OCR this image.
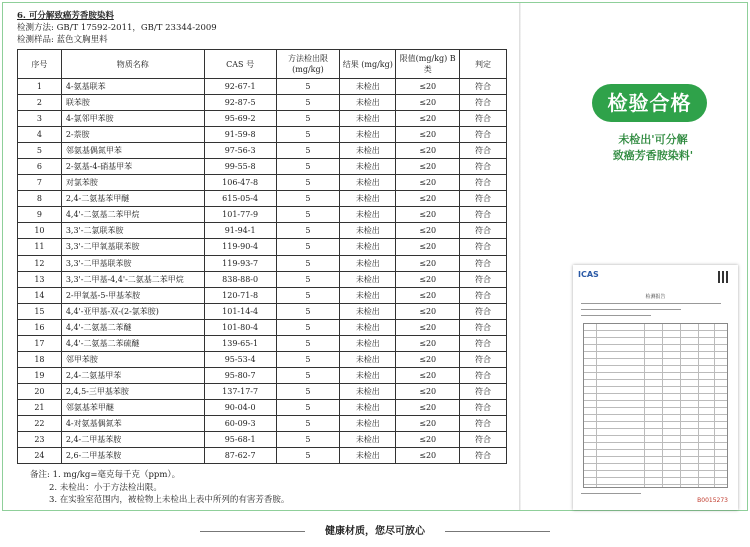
6. 可分解致癌芳香胺染料
检测方法: GB/T 17592-2011，GB/T 23344-2009
检测样品: 蓝色文胸里料
序号	物质名称	CAS 号	方法检出限 (mg/kg)	结果 (mg/kg)	限值(mg/kg) B 类	判定
1	4-氨基联苯	92-67-1	5	未检出	≤20	符合
2	联苯胺	92-87-5	5	未检出	≤20	符合
3	4-氯邻甲苯胺	95-69-2	5	未检出	≤20	符合
4	2-萘胺	91-59-8	5	未检出	≤20	符合
5	邻氨基偶氮甲苯	97-56-3	5	未检出	≤20	符合
6	2-氨基-4-硝基甲苯	99-55-8	5	未检出	≤20	符合
7	对氯苯胺	106-47-8	5	未检出	≤20	符合
8	2,4-二氨基苯甲醚	615-05-4	5	未检出	≤20	符合
9	4,4'-二氨基二苯甲烷	101-77-9	5	未检出	≤20	符合
10	3,3'-二氯联苯胺	91-94-1	5	未检出	≤20	符合
11	3,3'-二甲氧基联苯胺	119-90-4	5	未检出	≤20	符合
12	3,3'-二甲基联苯胺	119-93-7	5	未检出	≤20	符合
13	3,3'-二甲基-4,4'-二氨基二苯甲烷	838-88-0	5	未检出	≤20	符合
14	2-甲氧基-5-甲基苯胺	120-71-8	5	未检出	≤20	符合
15	4,4'-亚甲基-双-(2-氯苯胺)	101-14-4	5	未检出	≤20	符合
16	4,4'-二氨基二苯醚	101-80-4	5	未检出	≤20	符合
17	4,4'-二氨基二苯硫醚	139-65-1	5	未检出	≤20	符合
18	邻甲苯胺	95-53-4	5	未检出	≤20	符合
19	2,4-二氨基甲苯	95-80-7	5	未检出	≤20	符合
20	2,4,5-三甲基苯胺	137-17-7	5	未检出	≤20	符合
21	邻氨基苯甲醚	90-04-0	5	未检出	≤20	符合
22	4-对氨基偶氮苯	60-09-3	5	未检出	≤20	符合
23	2,4-二甲基苯胺	95-68-1	5	未检出	≤20	符合
24	2,6-二甲基苯胺	87-62-7	5	未检出	≤20	符合
备注: 1. mg/kg=毫克每千克（ppm）。
2. 未检出：小于方法检出限。
3. 在实验室范围内，被检物上未检出上表中所列的有害芳香胺。
检验合格
未检出'可分解
致癌芳香胺染料'
ICAS
检测报告
B0015273
健康材质，您尽可放心
